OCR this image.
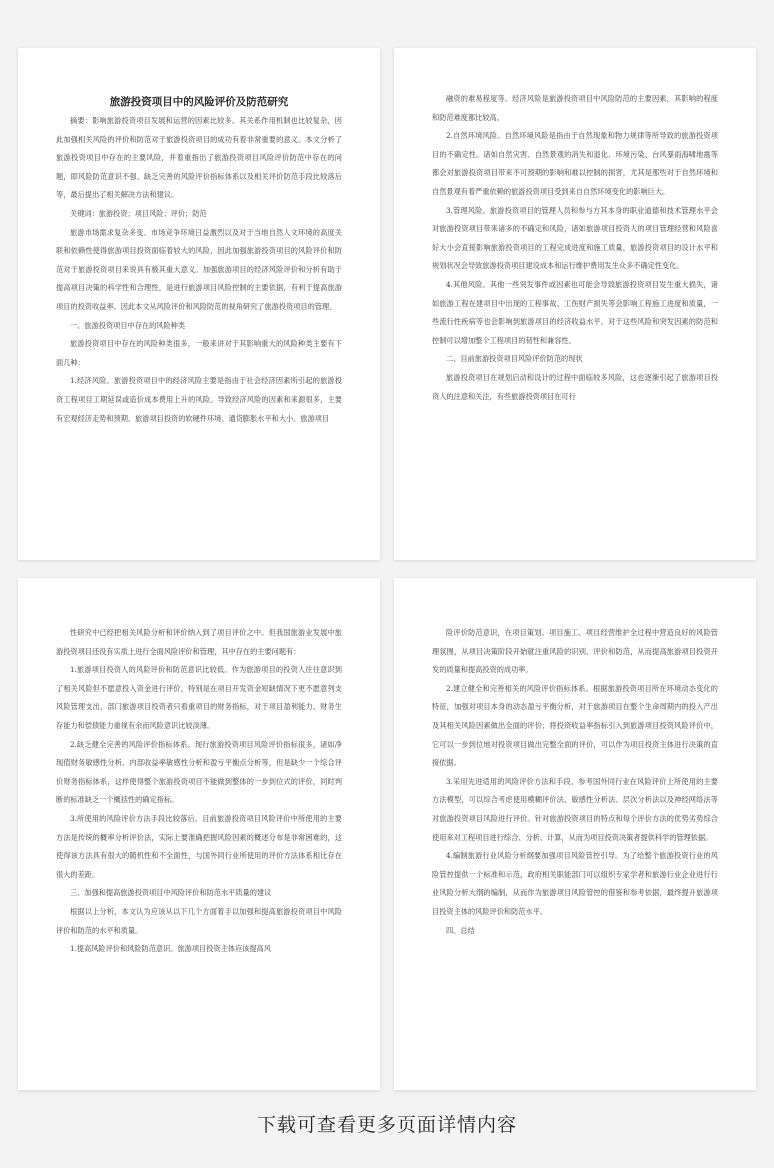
旅游投资项目中的风险评价及防范研究

摘要：影响旅游投资项目发展和运营的因素比较多。其关系作用机制也比较复杂，因此加强相关风险的评价和防范对于旅游投资项目的成功有着非常重要的意义。本文分析了旅游投资项目中存在的主要风险，并着重指出了旅游投资项目风险评价防范中存在的问题，即风险防范意识不强、缺乏完善的风险评价指标体系以及相关评价防范手段比较落后等，最后提出了相关解决方法和建议。

关键词：旅游投资；项目风险；评价；防范

旅游市场需求复杂多变、市场竞争环境日益激烈以及对于当地自然人文环境的高度关联和依赖性使得旅游项目投资面临着较大的风险，因此加强旅游投资项目的风险评价和防范对于旅游投资项目来说具有极其重大意义。加强旅游项目的经济风险评价和分析有助于提高项目决策的科学性和合理性，是进行旅游项目风险控制的主要依据，有利于提高旅游项目的投资收益率。因此本文从风险评价和风险防范的视角研究了旅游投资项目的管理。

一、旅游投资项目中存在的风险种类

旅游投资项目中存在的风险种类很多，一般来讲对于其影响重大的风险种类主要有下面几种：

1.经济风险。旅游投资项目中的经济风险主要是指由于社会经济因素所引起的旅游投资工程项目工期延误或造价成本费用上升的风险。导致经济风险的因素和来源很多，主要有宏观经济走势和预期、旅游项目投资的软硬件环境、通货膨胀水平和大小、旅游项目

融资的难易程度等。经济风险是旅游投资项目中风险防范的主要因素，其影响的程度和防范难度都比较高。

2.自然环境风险。自然环境风险是指由于自然现象和物力规律等所导致的旅游投资项目的不确定性。诸如自然灾害、自然景观的消失和退化、环境污染、台风暴雨海啸地震等都会对旅游投资项目带来不可预期的影响和难以控制的损害，尤其是那些对于自然环境和自然景观有着严重依赖的旅游投资项目受到来自自然环境变化的影响巨大。

3.管理风险。旅游投资项目的管理人员和参与方其本身的职业道德和技术管理水平会对旅游投资项目带来诸多的不确定和风险，诸如旅游项目投资人的项目管理经营和风险喜好大小会直接影响旅游投资项目的工程完成进度和施工质量，旅游投资项目的设计水平和规划状况会导致旅游投资项目建设成本和运行维护费用发生众多不确定性变化。

4.其他风险。其他一些突发事件或因素也可能会导致旅游投资项目发生重大损失，诸如旅游工程在建项目中出现的工程事故、工伤财产损失等会影响工程施工进度和质量，一些流行性疾病等也会影响到旅游项目的经济收益水平，对于这些风险和突发因素的防范和控制可以增加整个工程项目的韧性和兼容性。

二、目前旅游投资项目风险评价防范的现状

旅游投资项目在规划启动和设计的过程中面临较多风险，这也逐渐引起了旅游项目投资人的注意和关注，有些旅游投资项目在可行

性研究中已经把相关风险分析和评价纳入到了项目评价之中。但我国旅游业发展中旅游投资项目还没有实质上进行全面风险评价和管理，其中存在的主要问题有：

1.旅游项目投资人的风险评价和防范意识比较低。作为旅游项目的投资人往往意识到了相关风险但不愿意投入资金进行评价，特别是在项目开发资金短缺情况下更不愿意列支风险管理支出，部门旅游项目投资者只看重项目的财务指标，对于项目盈利能力、财务生存能力和偿债能力重视有余而风险意识比较淡薄。

2.缺乏健全完善的风险评价指标体系。现行旅游投资项目风险评价指标很多，诸如净现值财务敏感性分析、内部收益率敏感性分析和盈亏平衡点分析等，但是缺少一个综合评价财务指标体系，这样使得整个旅游投资项目不能做到整体的一步到位式的评价，同时判断的标准缺乏一个概括性的确定指标。

3.所使用的风险评价方法手段比较落后。目前旅游投资项目风险评价中所使用的主要方法是传统的概率分析评价法，实际上要准确把握风险因素的概述分布是非常困难的，这使得该方法具有很大的随机性和不全面性，与国外同行业所使用的评价方法体系相比存在很大的差距。

三、加强和提高旅游投资项目中风险评价和防范水平质量的建议

根据以上分析，本文认为应该从以下几个方面着手以加强和提高旅游投资项目中风险评价和防范的水平和质量。

1.提高风险评价和风险防范意识。旅游项目投资主体应该提高风

险评价防范意识，在项目策划、项目施工、项目经营维护全过程中营造良好的风险管理氛围，从项目决策阶段开始就注重风险的识别、评价和防范，从而提高旅游项目投资开发的质量和提高投资的成功率。

2.建立健全和完善相关的风险评价指标体系。根据旅游投资项目所在环境动态变化的特征，加强对项目本身的动态盈亏平衡分析，对于旅游项目在整个生命周期内的投入产出及其相关风险因素做出全面的评价；将投资收益率指标引入到旅游项目投资风险评价中，它可以一步到位地对投资项目做出完整全面的评价，可以作为项目投资主体进行决策的直接依据。

3.采用先进适用的风险评价方法和手段。参考国外同行业在风险评价上所使用的主要方法模型，可以综合考虑使用模糊评价法、敏感性分析法、层次分析法以及神经网络法等对旅游投资项目风险进行评价。针对旅游投资项目的特点和每个评价方法的优势劣势综合使用来对工程项目进行综合、分析、计算，从而为项目投资决策者提供科学的管理依据。

4.编制旅游行业风险分析纲要加强项目风险管控引导。为了给整个旅游投资行业的风险管控提供一个标准和示范，政府相关职能部门可以组织专家学者和旅游行业企业进行行业风险分析大纲的编制，从而作为旅游项目风险管控的借鉴和参考依据，最终提升旅游项目投资主体的风险评价和防范水平。

四、总结

下载可查看更多页面详情内容
